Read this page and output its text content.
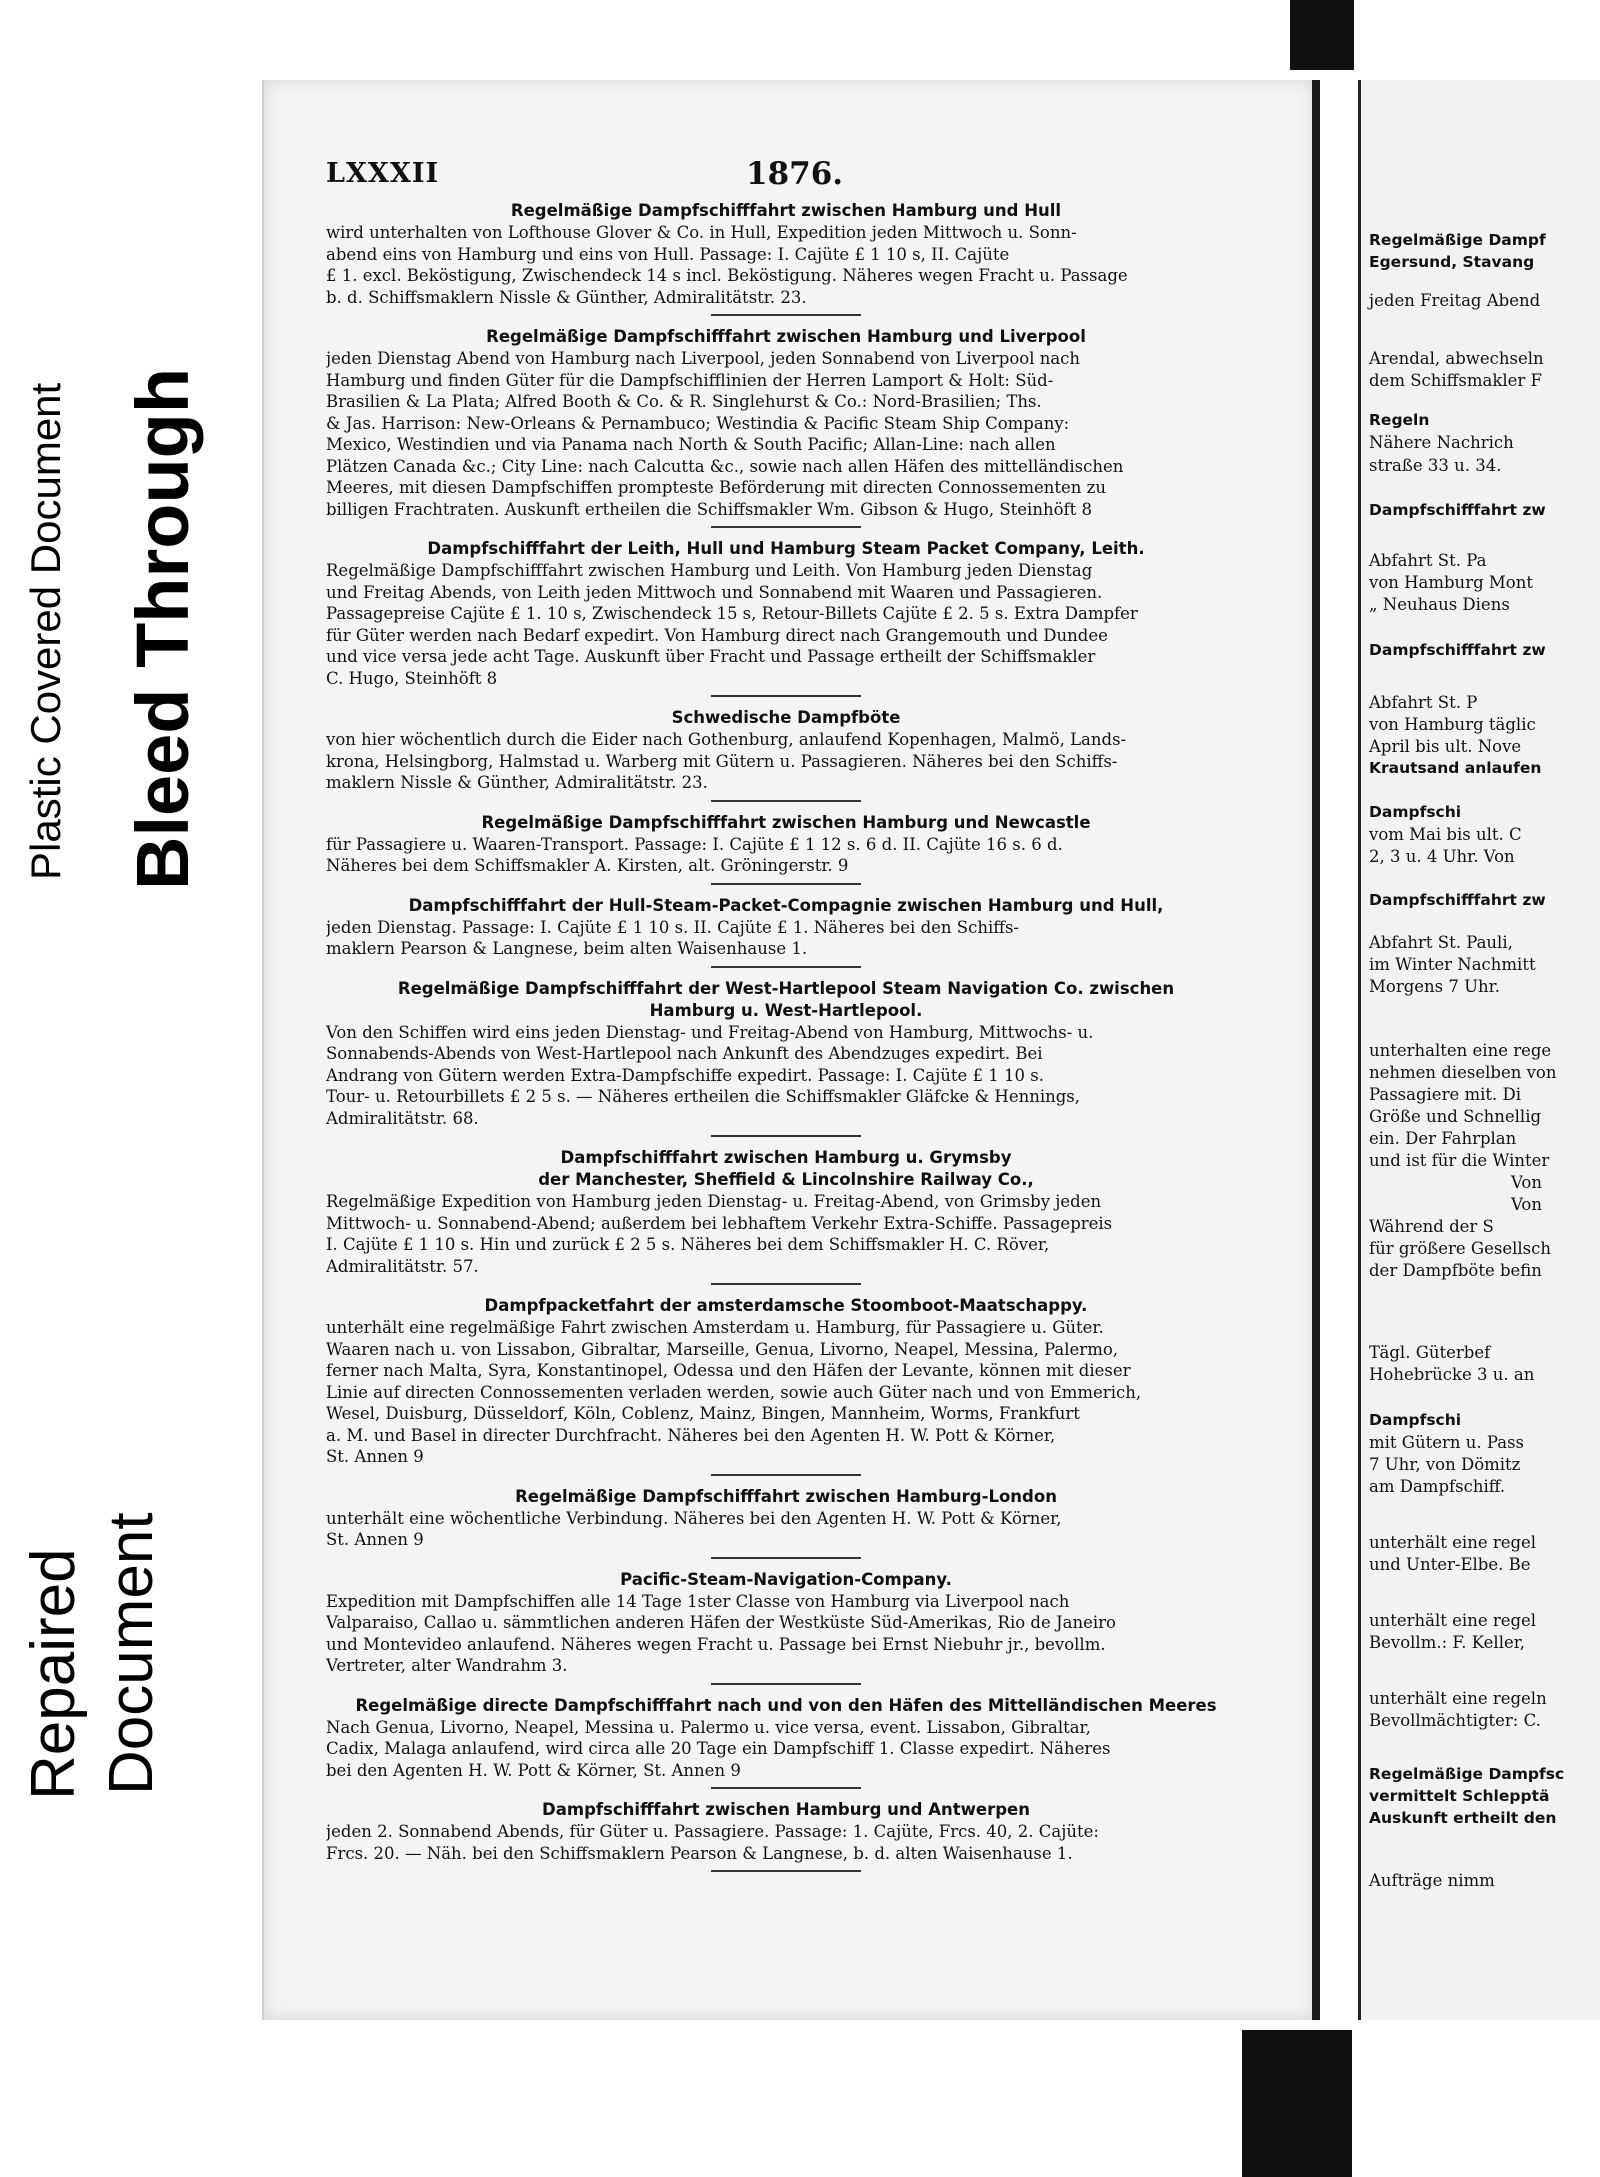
Plastic Covered Document Bleed Through
Repaired Document
LXXXII	1876.
Regelmäßige Dampfschifffahrt zwischen Hamburg und Hull
wird unterhalten von Lofthouse Glover & Co. in Hull, Expedition jeden Mittwoch u. Sonn-
abend eins von Hamburg und eins von Hull. Passage: I. Cajüte £ 1 10 s, II. Cajüte
£ 1. excl. Beköstigung, Zwischendeck 14 s incl. Beköstigung. Näheres wegen Fracht u. Passage
b. d. Schiffsmaklern Nissle & Günther, Admiralitätstr. 23.
Regelmäßige Dampfschifffahrt zwischen Hamburg und Liverpool
jeden Dienstag Abend von Hamburg nach Liverpool, jeden Sonnabend von Liverpool nach
Hamburg und finden Güter für die Dampfschifflinien der Herren Lamport & Holt: Süd-
Brasilien & La Plata; Alfred Booth & Co. & R. Singlehurst & Co.: Nord-Brasilien; Ths.
& Jas. Harrison: New-Orleans & Pernambuco; Westindia & Pacific Steam Ship Company:
Mexico, Westindien und via Panama nach North & South Pacific; Allan-Line: nach allen
Plätzen Canada &c.; City Line: nach Calcutta &c., sowie nach allen Häfen des mittelländischen
Meeres, mit diesen Dampfschiffen prompteste Beförderung mit directen Connossementen zu
billigen Frachtraten. Auskunft ertheilen die Schiffsmakler Wm. Gibson & Hugo, Steinhöft 8
Dampfschifffahrt der Leith, Hull und Hamburg Steam Packet Company, Leith.
Regelmäßige Dampfschifffahrt zwischen Hamburg und Leith. Von Hamburg jeden Dienstag
und Freitag Abends, von Leith jeden Mittwoch und Sonnabend mit Waaren und Passagieren.
Passagepreise Cajüte £ 1. 10 s, Zwischendeck 15 s, Retour-Billets Cajüte £ 2. 5 s. Extra Dampfer
für Güter werden nach Bedarf expedirt. Von Hamburg direct nach Grangemouth und Dundee
und vice versa jede acht Tage. Auskunft über Fracht und Passage ertheilt der Schiffsmakler
C. Hugo, Steinhöft 8
Schwedische Dampfböte
von hier wöchentlich durch die Eider nach Gothenburg, anlaufend Kopenhagen, Malmö, Lands-
krona, Helsingborg, Halmstad u. Warberg mit Gütern u. Passagieren. Näheres bei den Schiffs-
maklern Nissle & Günther, Admiralitätstr. 23.
Regelmäßige Dampfschifffahrt zwischen Hamburg und Newcastle
für Passagiere u. Waaren-Transport. Passage: I. Cajüte £ 1 12 s. 6 d. II. Cajüte 16 s. 6 d.
Näheres bei dem Schiffsmakler A. Kirsten, alt. Gröningerstr. 9
Dampfschifffahrt der Hull-Steam-Packet-Compagnie zwischen Hamburg und Hull,
jeden Dienstag. Passage: I. Cajüte £ 1 10 s. II. Cajüte £ 1. Näheres bei den Schiffs-
maklern Pearson & Langnese, beim alten Waisenhause 1.
Regelmäßige Dampfschifffahrt der West-Hartlepool Steam Navigation Co. zwischen
Hamburg u. West-Hartlepool.
Von den Schiffen wird eins jeden Dienstag- und Freitag-Abend von Hamburg, Mittwochs- u.
Sonnabends-Abends von West-Hartlepool nach Ankunft des Abendzuges expedirt. Bei
Andrang von Gütern werden Extra-Dampfschiffe expedirt. Passage: I. Cajüte £ 1 10 s.
Tour- u. Retourbillets £ 2 5 s. — Näheres ertheilen die Schiffsmakler Gläfcke & Hennings,
Admiralitätstr. 68.
Dampfschifffahrt zwischen Hamburg u. Grymsby
der Manchester, Sheffield & Lincolnshire Railway Co.,
Regelmäßige Expedition von Hamburg jeden Dienstag- u. Freitag-Abend, von Grimsby jeden
Mittwoch- u. Sonnabend-Abend; außerdem bei lebhaftem Verkehr Extra-Schiffe. Passagepreis
I. Cajüte £ 1 10 s. Hin und zurück £ 2 5 s. Näheres bei dem Schiffsmakler H. C. Röver,
Admiralitätstr. 57.
Dampfpacketfahrt der amsterdamsche Stoomboot-Maatschappy.
unterhält eine regelmäßige Fahrt zwischen Amsterdam u. Hamburg, für Passagiere u. Güter.
Waaren nach u. von Lissabon, Gibraltar, Marseille, Genua, Livorno, Neapel, Messina, Palermo,
ferner nach Malta, Syra, Konstantinopel, Odessa und den Häfen der Levante, können mit dieser
Linie auf directen Connossementen verladen werden, sowie auch Güter nach und von Emmerich,
Wesel, Duisburg, Düsseldorf, Köln, Coblenz, Mainz, Bingen, Mannheim, Worms, Frankfurt
a. M. und Basel in directer Durchfracht. Näheres bei den Agenten H. W. Pott & Körner,
St. Annen 9
Regelmäßige Dampfschifffahrt zwischen Hamburg-London
unterhält eine wöchentliche Verbindung. Näheres bei den Agenten H. W. Pott & Körner,
St. Annen 9
Pacific-Steam-Navigation-Company.
Expedition mit Dampfschiffen alle 14 Tage 1ster Classe von Hamburg via Liverpool nach
Valparaiso, Callao u. sämmtlichen anderen Häfen der Westküste Süd-Amerikas, Rio de Janeiro
und Montevideo anlaufend. Näheres wegen Fracht u. Passage bei Ernst Niebuhr jr., bevollm.
Vertreter, alter Wandrahm 3.
Regelmäßige directe Dampfschifffahrt nach und von den Häfen des Mittelländischen Meeres
Nach Genua, Livorno, Neapel, Messina u. Palermo u. vice versa, event. Lissabon, Gibraltar,
Cadix, Malaga anlaufend, wird circa alle 20 Tage ein Dampfschiff 1. Classe expedirt. Näheres
bei den Agenten H. W. Pott & Körner, St. Annen 9
Dampfschifffahrt zwischen Hamburg und Antwerpen
jeden 2. Sonnabend Abends, für Güter u. Passagiere. Passage: 1. Cajüte, Frcs. 40, 2. Cajüte:
Frcs. 20. — Näh. bei den Schiffsmaklern Pearson & Langnese, b. d. alten Waisenhause 1.
Regelmäßige Dampf
Egersund, Stavang
jeden Freitag Abend
Arendal, abwechseln
dem Schiffsmakler F
Regeln
Nähere Nachrich
straße 33 u. 34.
Dampfschifffahrt zw
Abfahrt St. Pa
von Hamburg Mont
„ Neuhaus Diens
Dampfschifffahrt zw
Abfahrt St. P
von Hamburg täglic
April bis ult. Nove
Krautsand anlaufen
Dampfschi
vom Mai bis ult. C
2, 3 u. 4 Uhr. Von
Dampfschifffahrt zw
Abfahrt St. Pauli,
im Winter Nachmitt
Morgens 7 Uhr.
unterhalten eine rege
nehmen dieselben von
Passagiere mit. Di
Größe und Schnellig
ein. Der Fahrplan
und ist für die Winter
Von
Von
Während der S
für größere Gesellsch
der Dampfböte befin
Tägl. Güterbef
Hohebrücke 3 u. an
Dampfschi
mit Gütern u. Pass
7 Uhr, von Dömitz
am Dampfschiff.
unterhält eine regel
und Unter-Elbe. Be
unterhält eine regel
Bevollm.: F. Keller,
unterhält eine regeln
Bevollmächtigter: C.
Regelmäßige Dampfsc
vermittelt Schlepptä
Auskunft ertheilt den
Aufträge nimm
